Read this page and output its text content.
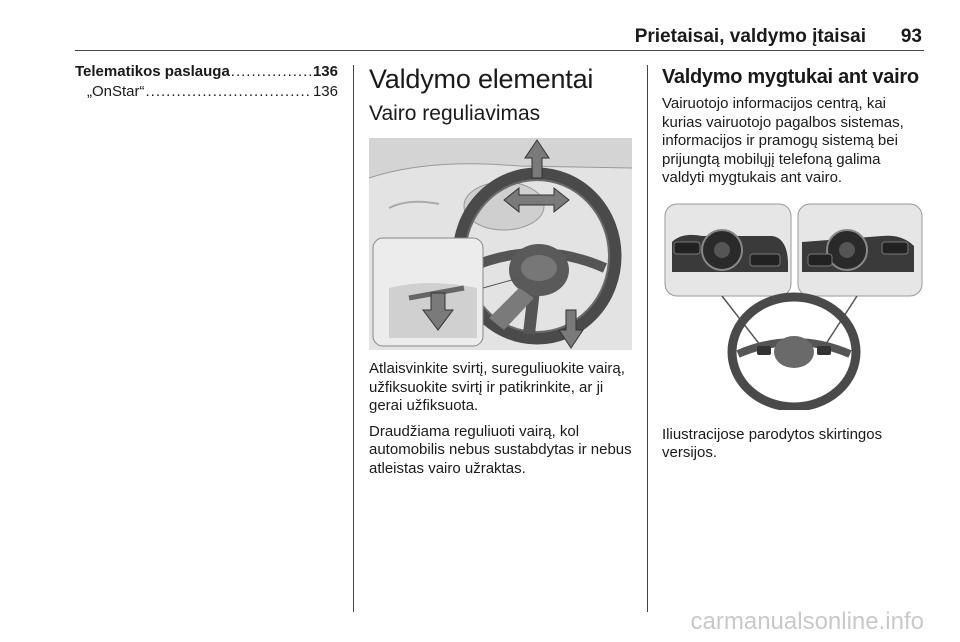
Prietaisai, valdymo įtaisai 93
Telematikos paslauga .....	136
„OnStar“ .....	136 Valdymo elementai
Vairo reguliavimas

Atlaisvinkite svirtį, sureguliuokite vairą, užfiksuokite svirtį ir patikrinkite, ar ji gerai užfiksuota.

Draudžiama reguliuoti vairą, kol automobilis nebus sustabdytas ir nebus atleistas vairo užraktas.

Valdymo mygtukai ant vairo

Vairuotojo informacijos centrą, kai kurias vairuotojo pagalbos sistemas, informacijos ir pramogų sistemą bei prijungtą mobilųjį telefoną galima valdyti mygtukais ant vairo.

Iliustracijose parodytos skirtingos versijos.

carmanualsonline.info
